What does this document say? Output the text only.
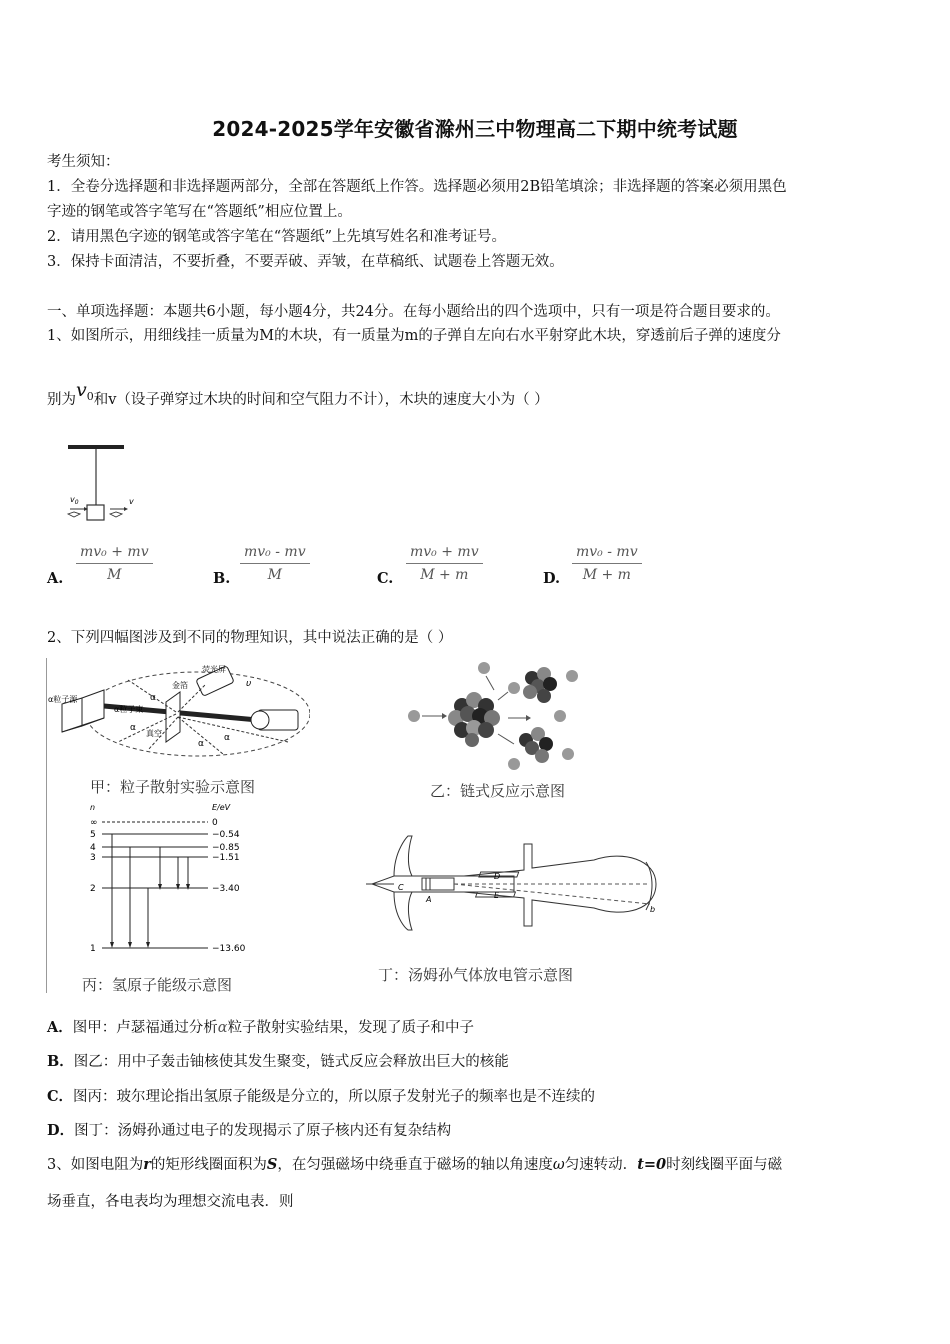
2024-2025学年安徽省滁州三中物理高二下期中统考试题
考生须知：
1．全卷分选择题和非选择题两部分，全部在答题纸上作答。选择题必须用2B铅笔填涂；非选择题的答案必须用黑色
字迹的钢笔或答字笔写在“答题纸”相应位置上。
2．请用黑色字迹的钢笔或答字笔在“答题纸”上先填写姓名和准考证号。
3．保持卡面清洁，不要折叠，不要弄破、弄皱，在草稿纸、试题卷上答题无效。
一、单项选择题：本题共6小题，每小题4分，共24分。在每小题给出的四个选项中，只有一项是符合题目要求的。
1、如图所示，用细线挂一质量为M的木块，有一质量为m的子弹自左向右水平射穿此木块，穿透前后子弹的速度分
别为$v_0$和v（设子弹穿过木块的时间和空气阻力不计），木块的速度大小为（ ）
$v_0$	v
A.
mv₀ + mv
M	B.
mv₀ - mv
M	C.
mv₀ + mv
M + m	D.
mv₀ - mv
M + m
2、下列四幅图涉及到不同的物理知识，其中说法正确的是（ ）
α粒子源
荧光屏
α粒子束
金箔
真空
α
α
α
α
υ
甲：粒子散射实验示意图	乙：链式反应示意图
n	E/eV
∞	0
5	−0.54
4	−0.85
3	−1.51
2	−3.40
1	−13.60
丙：氢原子能级示意图
C
A
D
E
b
丁：汤姆孙气体放电管示意图
A．图甲：卢瑟福通过分析α粒子散射实验结果，发现了质子和中子
B．图乙：用中子轰击铀核使其发生聚变，链式反应会释放出巨大的核能
C．图丙：玻尔理论指出氢原子能级是分立的，所以原子发射光子的频率也是不连续的
D．图丁：汤姆孙通过电子的发现揭示了原子核内还有复杂结构
3、如图电阻为r的矩形线圈面积为S，在匀强磁场中绕垂直于磁场的轴以角速度ω匀速转动．t=0时刻线圈平面与磁
场垂直，各电表均为理想交流电表．则
